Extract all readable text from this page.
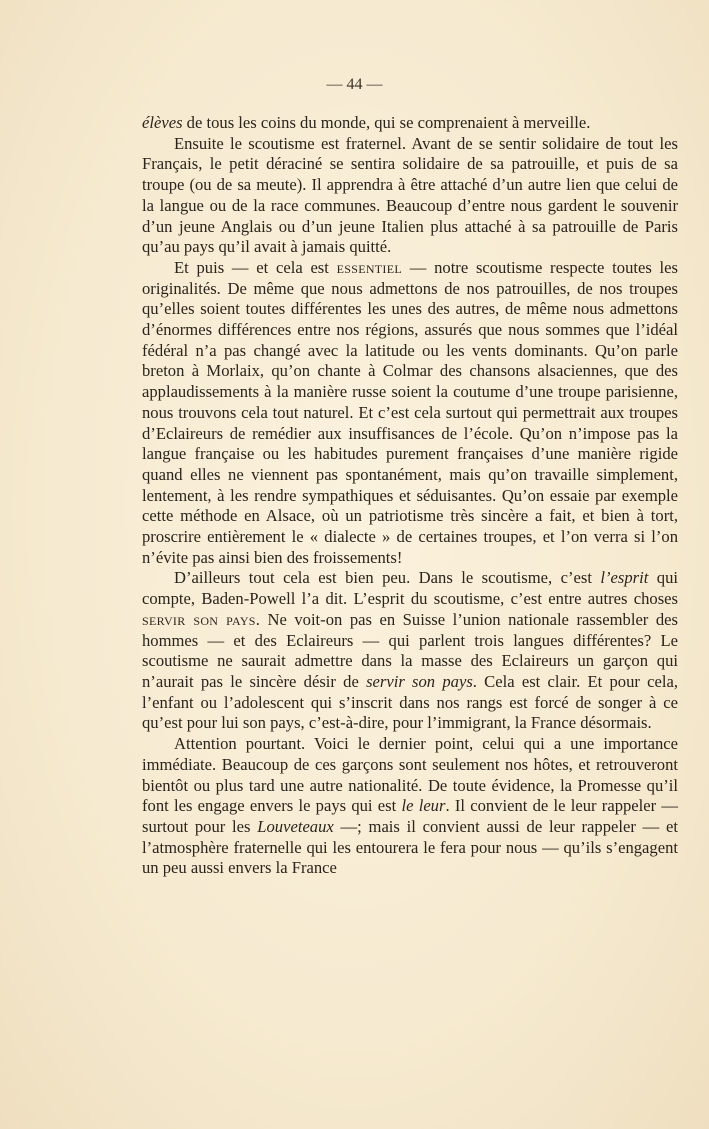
— 44 —

élèves de tous les coins du monde, qui se comprenaient à merveille.

Ensuite le scoutisme est fraternel. Avant de se sentir solidaire de tout les Français, le petit déraciné se sentira solidaire de sa patrouille, et puis de sa troupe (ou de sa meute). Il apprendra à être attaché d’un autre lien que celui de la langue ou de la race communes. Beaucoup d’entre nous gardent le souvenir d’un jeune Anglais ou d’un jeune Italien plus attaché à sa patrouille de Paris qu’au pays qu’il avait à jamais quitté.

Et puis — et cela est essentiel — notre scoutisme respecte toutes les originalités. De même que nous admettons de nos patrouilles, de nos troupes qu’elles soient toutes différentes les unes des autres, de même nous admettons d’énormes différences entre nos régions, assurés que nous sommes que l’idéal fédéral n’a pas changé avec la latitude ou les vents dominants. Qu’on parle breton à Morlaix, qu’on chante à Colmar des chansons alsaciennes, que des applaudissements à la manière russe soient la coutume d’une troupe parisienne, nous trouvons cela tout naturel. Et c’est cela surtout qui permettrait aux troupes d’Eclaireurs de remédier aux insuffisances de l’école. Qu’on n’impose pas la langue française ou les habitudes purement françaises d’une manière rigide quand elles ne viennent pas spontanément, mais qu’on travaille simplement, lentement, à les rendre sympathiques et séduisantes. Qu’on essaie par exemple cette méthode en Alsace, où un patriotisme très sincère a fait, et bien à tort, proscrire entièrement le « dialecte » de certaines troupes, et l’on verra si l’on n’évite pas ainsi bien des froissements!

D’ailleurs tout cela est bien peu. Dans le scoutisme, c’est l’esprit qui compte, Baden-Powell l’a dit. L’esprit du scoutisme, c’est entre autres choses servir son pays. Ne voit-on pas en Suisse l’union nationale rassembler des hommes — et des Eclaireurs — qui parlent trois langues différentes? Le scoutisme ne saurait admettre dans la masse des Eclaireurs un garçon qui n’aurait pas le sincère désir de servir son pays. Cela est clair. Et pour cela, l’enfant ou l’adolescent qui s’inscrit dans nos rangs est forcé de songer à ce qu’est pour lui son pays, c’est-à-dire, pour l’immigrant, la France désormais.

Attention pourtant. Voici le dernier point, celui qui a une importance immédiate. Beaucoup de ces garçons sont seulement nos hôtes, et retrouveront bientôt ou plus tard une autre nationalité. De toute évidence, la Promesse qu’il font les engage envers le pays qui est le leur. Il convient de le leur rappeler — surtout pour les Louveteaux —; mais il convient aussi de leur rappeler — et l’atmosphère fraternelle qui les entourera le fera pour nous — qu’ils s’engagent un peu aussi envers la France
